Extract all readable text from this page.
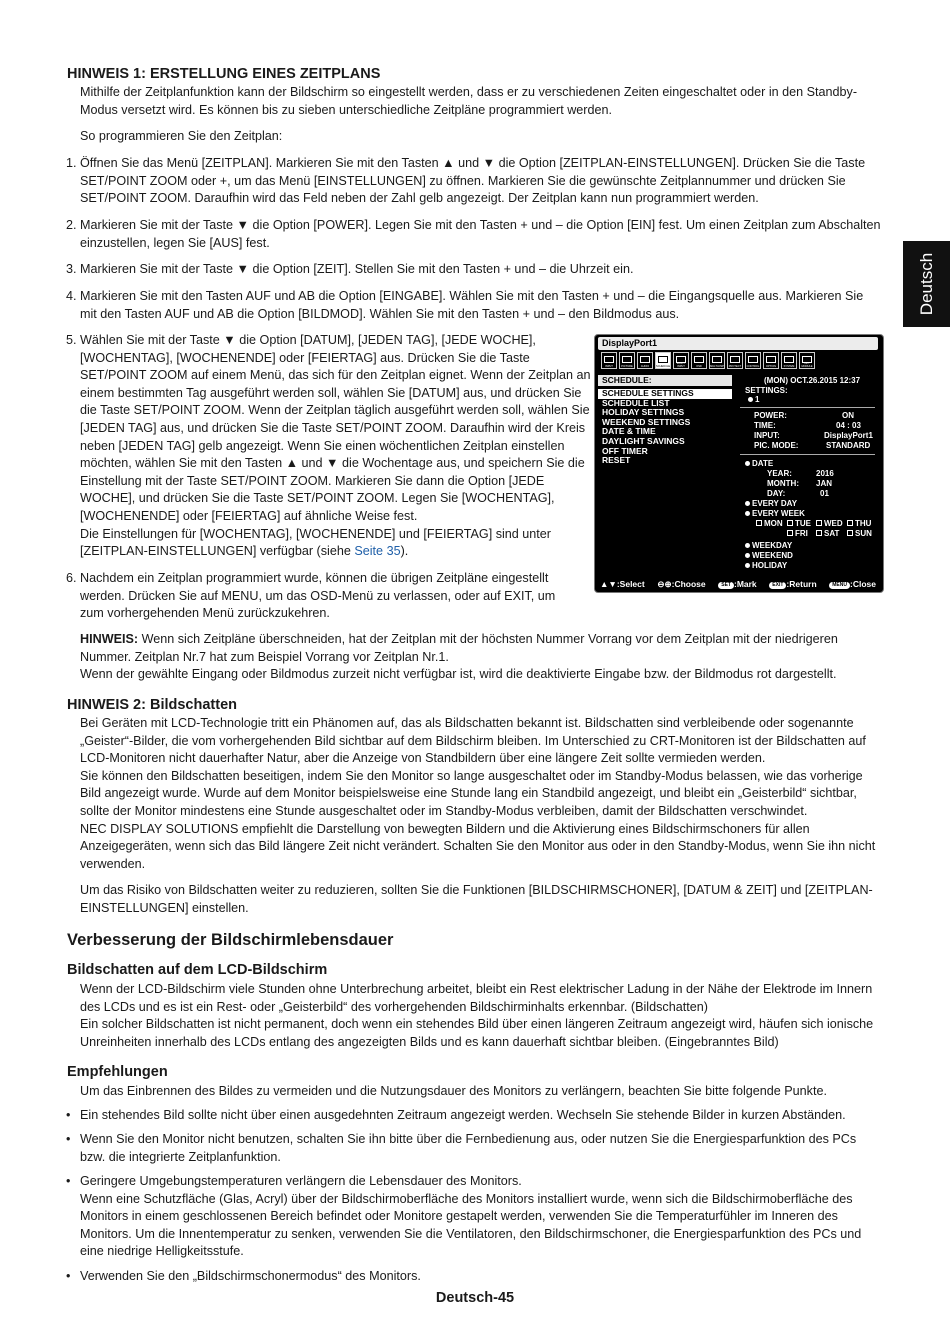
Deutsch
HINWEIS 1: ERSTELLUNG EINES ZEITPLANS
Mithilfe der Zeitplanfunktion kann der Bildschirm so eingestellt werden, dass er zu verschiedenen Zeiten eingeschaltet oder in den Standby-Modus versetzt wird. Es können bis zu sieben unterschiedliche Zeitpläne programmiert werden.
So programmieren Sie den Zeitplan:
1. Öffnen Sie das Menü [ZEITPLAN]. Markieren Sie mit den Tasten ▲ und ▼ die Option [ZEITPLAN-EINSTELLUNGEN]. Drücken Sie die Taste SET/POINT ZOOM oder +, um das Menü [EINSTELLUNGEN] zu öffnen. Markieren Sie die gewünschte Zeitplannummer und drücken Sie SET/POINT ZOOM. Daraufhin wird das Feld neben der Zahl gelb angezeigt. Der Zeitplan kann nun programmiert werden.
2. Markieren Sie mit der Taste ▼ die Option [POWER]. Legen Sie mit den Tasten + und – die Option [EIN] fest. Um einen Zeitplan zum Abschalten einzustellen, legen Sie [AUS] fest.
3. Markieren Sie mit der Taste ▼ die Option [ZEIT]. Stellen Sie mit den Tasten + und – die Uhrzeit ein.
4. Markieren Sie mit den Tasten AUF und AB die Option [EINGABE]. Wählen Sie mit den Tasten + und – die Eingangsquelle aus. Markieren Sie mit den Tasten AUF und AB die Option [BILDMOD]. Wählen Sie mit den Tasten + und – den Bildmodus aus.
5. Wählen Sie mit der Taste ▼ die Option [DATUM], [JEDEN TAG], [JEDE WOCHE], [WOCHENTAG], [WOCHENENDE] oder [FEIERTAG] aus. Drücken Sie die Taste SET/POINT ZOOM auf einem Menü, das sich für den Zeitplan eignet. Wenn der Zeitplan an einem bestimmten Tag ausgeführt werden soll, wählen Sie [DATUM] aus, und drücken Sie die Taste SET/POINT ZOOM. Wenn der Zeitplan täglich ausgeführt werden soll, wählen Sie [JEDEN TAG] aus, und drücken Sie die Taste SET/POINT ZOOM. Daraufhin wird der Kreis neben [JEDEN TAG] gelb angezeigt. Wenn Sie einen wöchentlichen Zeitplan einstellen möchten, wählen Sie mit den Tasten ▲ und ▼ die Wochentage aus, und speichern Sie die Einstellung mit der Taste SET/POINT ZOOM. Markieren Sie dann die Option [JEDE WOCHE], und drücken Sie die Taste SET/POINT ZOOM. Legen Sie [WOCHENTAG], [WOCHENENDE] oder [FEIERTAG] auf ähnliche Weise fest.
Die Einstellungen für [WOCHENTAG], [WOCHENENDE] und [FEIERTAG] sind unter [ZEITPLAN-EINSTELLUNGEN] verfügbar (siehe Seite 35).
6. Nachdem ein Zeitplan programmiert wurde, können die übrigen Zeitpläne eingestellt werden. Drücken Sie auf MENU, um das OSD-Menü zu verlassen, oder auf EXIT, um zum vorhergehenden Menü zurückzukehren.
HINWEIS: Wenn sich Zeitpläne überschneiden, hat der Zeitplan mit der höchsten Nummer Vorrang vor dem Zeitplan mit der niedrigeren Nummer. Zeitplan Nr.7 hat zum Beispiel Vorrang vor Zeitplan Nr.1.
Wenn der gewählte Eingang oder Bildmodus zurzeit nicht verfügbar ist, wird die deaktivierte Eingabe bzw. der Bildmodus rot dargestellt.
DisplayPort1
INPUT	PICTURE	AUDIO	SCHEDULE
MULTI-INPUT	OSD	MULTI-DSP	PROTECT	CONTROL	OPTION	SYSTEM
OPT MODULE
SCHEDULE:
SCHEDULE SETTINGS
SCHEDULE LIST
HOLIDAY SETTINGS
WEEKEND SETTINGS
DATE & TIME
DAYLIGHT SAVINGS
OFF TIMER
RESET
(MON) OCT.26.2015 12:37
SETTINGS:
1
POWER:	ON
TIME:	04 : 03
INPUT:	DisplayPort1
PIC. MODE:	STANDARD
DATE
YEAR:	2016
MONTH: JAN
DAY:	01
EVERY DAY
EVERY WEEK
MON	TUE	WED	THU
FRI	SAT	SUN
WEEKDAY
WEEKEND
HOLIDAY
▲▼:Select ⊖⊕:Choose	SET :Mark	EXIT :Return	MENU :Close
HINWEIS 2: Bildschatten
Bei Geräten mit LCD-Technologie tritt ein Phänomen auf, das als Bildschatten bekannt ist. Bildschatten sind verbleibende oder sogenannte „Geister“-Bilder, die vom vorhergehenden Bild sichtbar auf dem Bildschirm bleiben. Im Unterschied zu CRT-Monitoren ist der Bildschatten auf LCD-Monitoren nicht dauerhafter Natur, aber die Anzeige von Standbildern über eine längere Zeit sollte vermieden werden.
Sie können den Bildschatten beseitigen, indem Sie den Monitor so lange ausgeschaltet oder im Standby-Modus belassen, wie das vorherige Bild angezeigt wurde. Wurde auf dem Monitor beispielsweise eine Stunde lang ein Standbild angezeigt, und bleibt ein „Geisterbild“ sichtbar, sollte der Monitor mindestens eine Stunde ausgeschaltet oder im Standby-Modus verbleiben, damit der Bildschatten verschwindet.
NEC DISPLAY SOLUTIONS empfiehlt die Darstellung von bewegten Bildern und die Aktivierung eines Bildschirmschoners für allen Anzeigegeräten, wenn sich das Bild längere Zeit nicht verändert. Schalten Sie den Monitor aus oder in den Standby-Modus, wenn Sie ihn nicht verwenden.
Um das Risiko von Bildschatten weiter zu reduzieren, sollten Sie die Funktionen [BILDSCHIRMSCHONER], [DATUM & ZEIT] und [ZEITPLAN-EINSTELLUNGEN] einstellen.
Verbesserung der Bildschirmlebensdauer
Bildschatten auf dem LCD-Bildschirm
Wenn der LCD-Bildschirm viele Stunden ohne Unterbrechung arbeitet, bleibt ein Rest elektrischer Ladung in der Nähe der Elektrode im Innern des LCDs und es ist ein Rest- oder „Geisterbild“ des vorhergehenden Bildschirminhalts erkennbar. (Bildschatten)
Ein solcher Bildschatten ist nicht permanent, doch wenn ein stehendes Bild über einen längeren Zeitraum angezeigt wird, häufen sich ionische Unreinheiten innerhalb des LCDs entlang des angezeigten Bilds und es kann dauerhaft sichtbar bleiben. (Eingebranntes Bild)
Empfehlungen
Um das Einbrennen des Bildes zu vermeiden und die Nutzungsdauer des Monitors zu verlängern, beachten Sie bitte folgende Punkte.
• Ein stehendes Bild sollte nicht über einen ausgedehnten Zeitraum angezeigt werden. Wechseln Sie stehende Bilder in kurzen Abständen.
• Wenn Sie den Monitor nicht benutzen, schalten Sie ihn bitte über die Fernbedienung aus, oder nutzen Sie die Energiesparfunktion des PCs bzw. die integrierte Zeitplanfunktion.
• Geringere Umgebungstemperaturen verlängern die Lebensdauer des Monitors.
Wenn eine Schutzfläche (Glas, Acryl) über der Bildschirmoberfläche des Monitors installiert wurde, wenn sich die Bildschirmoberfläche des Monitors in einem geschlossenen Bereich befindet oder Monitore gestapelt werden, verwenden Sie die Temperaturfühler im Inneren des Monitors. Um die Innentemperatur zu senken, verwenden Sie die Ventilatoren, den Bildschirmschoner, die Energiesparfunktion des PCs und eine niedrige Helligkeitsstufe.
• Verwenden Sie den „Bildschirmschonermodus“ des Monitors.
Deutsch-45
